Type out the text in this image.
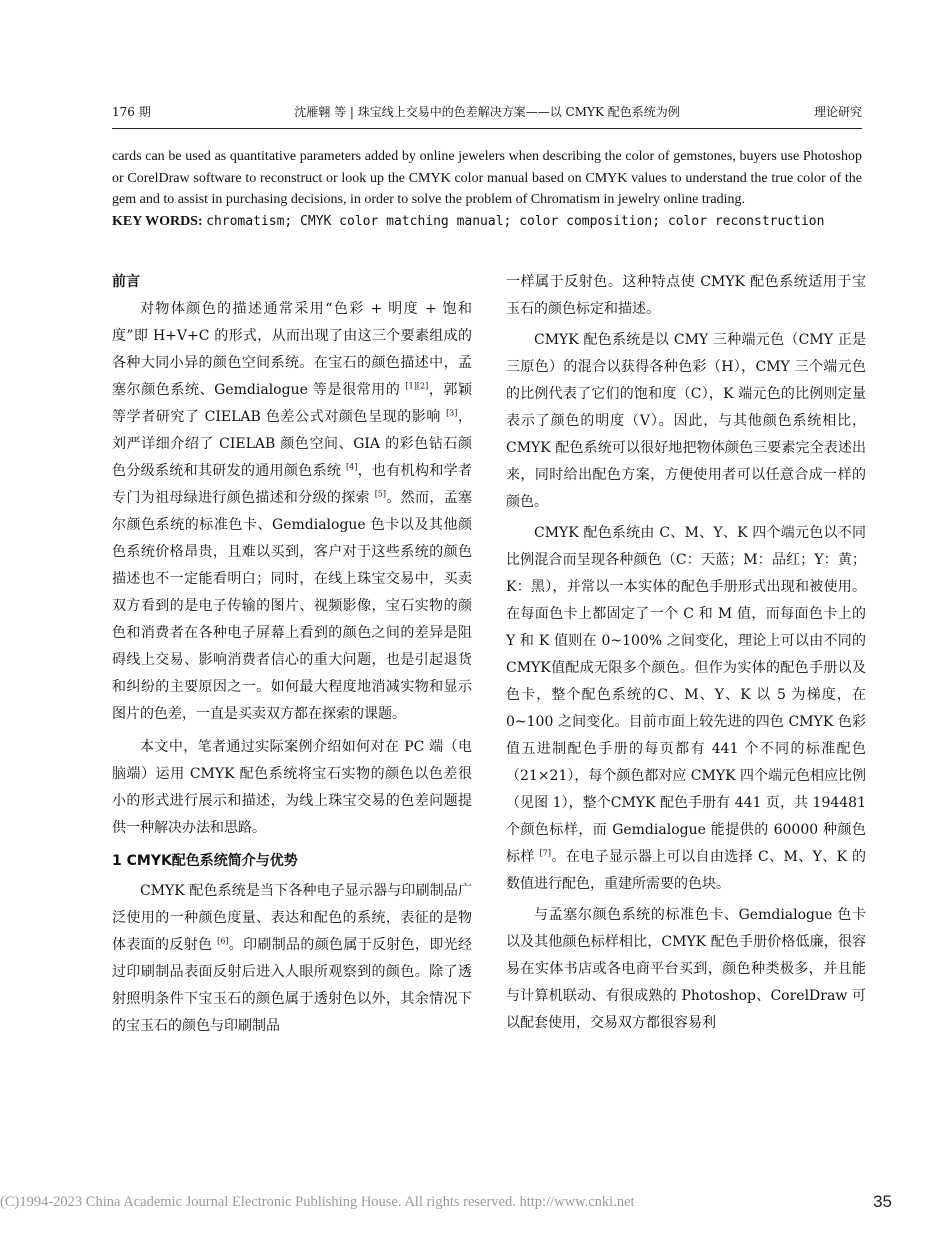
176 期	沈雁翱 等 | 珠宝线上交易中的色差解决方案——以 CMYK 配色系统为例	理论研究

cards can be used as quantitative parameters added by online jewelers when describing the color of gemstones, buyers use Photoshop or CorelDraw software to reconstruct or look up the CMYK color manual based on CMYK values to understand the true color of the gem and to assist in purchasing decisions, in order to solve the problem of Chromatism in jewelry online trading.

KEY WORDS: chromatism; CMYK color matching manual; color composition; color reconstruction

前言

对物体颜色的描述通常采用“色彩 + 明度 + 饱和度”即 H+V+C 的形式，从而出现了由这三个要素组成的各种大同小异的颜色空间系统。在宝石的颜色描述中，孟塞尔颜色系统、Gemdialogue 等是很常用的 [1][2]，郭颖等学者研究了 CIELAB 色差公式对颜色呈现的影响 [3]，刘严详细介绍了 CIELAB 颜色空间、GIA 的彩色钻石颜色分级系统和其研发的通用颜色系统 [4]，也有机构和学者专门为祖母绿进行颜色描述和分级的探索 [5]。然而，孟塞尔颜色系统的标准色卡、Gemdialogue 色卡以及其他颜色系统价格昂贵，且难以买到，客户对于这些系统的颜色描述也不一定能看明白；同时，在线上珠宝交易中，买卖双方看到的是电子传输的图片、视频影像，宝石实物的颜色和消费者在各种电子屏幕上看到的颜色之间的差异是阻碍线上交易、影响消费者信心的重大问题，也是引起退货和纠纷的主要原因之一。如何最大程度地消减实物和显示图片的色差，一直是买卖双方都在探索的课题。

本文中，笔者通过实际案例介绍如何对在 PC 端（电脑端）运用 CMYK 配色系统将宝石实物的颜色以色差很小的形式进行展示和描述，为线上珠宝交易的色差问题提供一种解决办法和思路。

1 CMYK配色系统简介与优势

CMYK 配色系统是当下各种电子显示器与印刷制品广泛使用的一种颜色度量、表达和配色的系统，表征的是物体表面的反射色 [6]。印刷制品的颜色属于反射色，即光经过印刷制品表面反射后进入人眼所观察到的颜色。除了透射照明条件下宝玉石的颜色属于透射色以外，其余情况下的宝玉石的颜色与印刷制品

一样属于反射色。这种特点使 CMYK 配色系统适用于宝玉石的颜色标定和描述。

CMYK 配色系统是以 CMY 三种端元色（CMY 正是三原色）的混合以获得各种色彩（H），CMY 三个端元色的比例代表了它们的饱和度（C），K 端元色的比例则定量表示了颜色的明度（V）。因此，与其他颜色系统相比，CMYK 配色系统可以很好地把物体颜色三要素完全表述出来，同时给出配色方案，方便使用者可以任意合成一样的颜色。

CMYK 配色系统由 C、M、Y、K 四个端元色以不同比例混合而呈现各种颜色（C：天蓝；M：品红；Y：黄；K：黑），并常以一本实体的配色手册形式出现和被使用。在每面色卡上都固定了一个 C 和 M 值，而每面色卡上的 Y 和 K 值则在 0~100% 之间变化，理论上可以由不同的CMYK值配成无限多个颜色。但作为实体的配色手册以及色卡，整个配色系统的C、M、Y、K 以 5 为梯度，在 0~100 之间变化。目前市面上较先进的四色 CMYK 色彩值五进制配色手册的每页都有 441 个不同的标准配色（21×21），每个颜色都对应 CMYK 四个端元色相应比例（见图 1），整个CMYK 配色手册有 441 页，共 194481 个颜色标样，而 Gemdialogue 能提供的 60000 种颜色标样 [7]。在电子显示器上可以自由选择 C、M、Y、K 的数值进行配色，重建所需要的色块。

与孟塞尔颜色系统的标准色卡、Gemdialogue 色卡以及其他颜色标样相比，CMYK 配色手册价格低廉，很容易在实体书店或各电商平台买到，颜色种类极多，并且能与计算机联动、有很成熟的 Photoshop、CorelDraw 可以配套使用，交易双方都很容易利

(C)1994-2023 China Academic Journal Electronic Publishing House. All rights reserved. http://www.cnki.net	35
